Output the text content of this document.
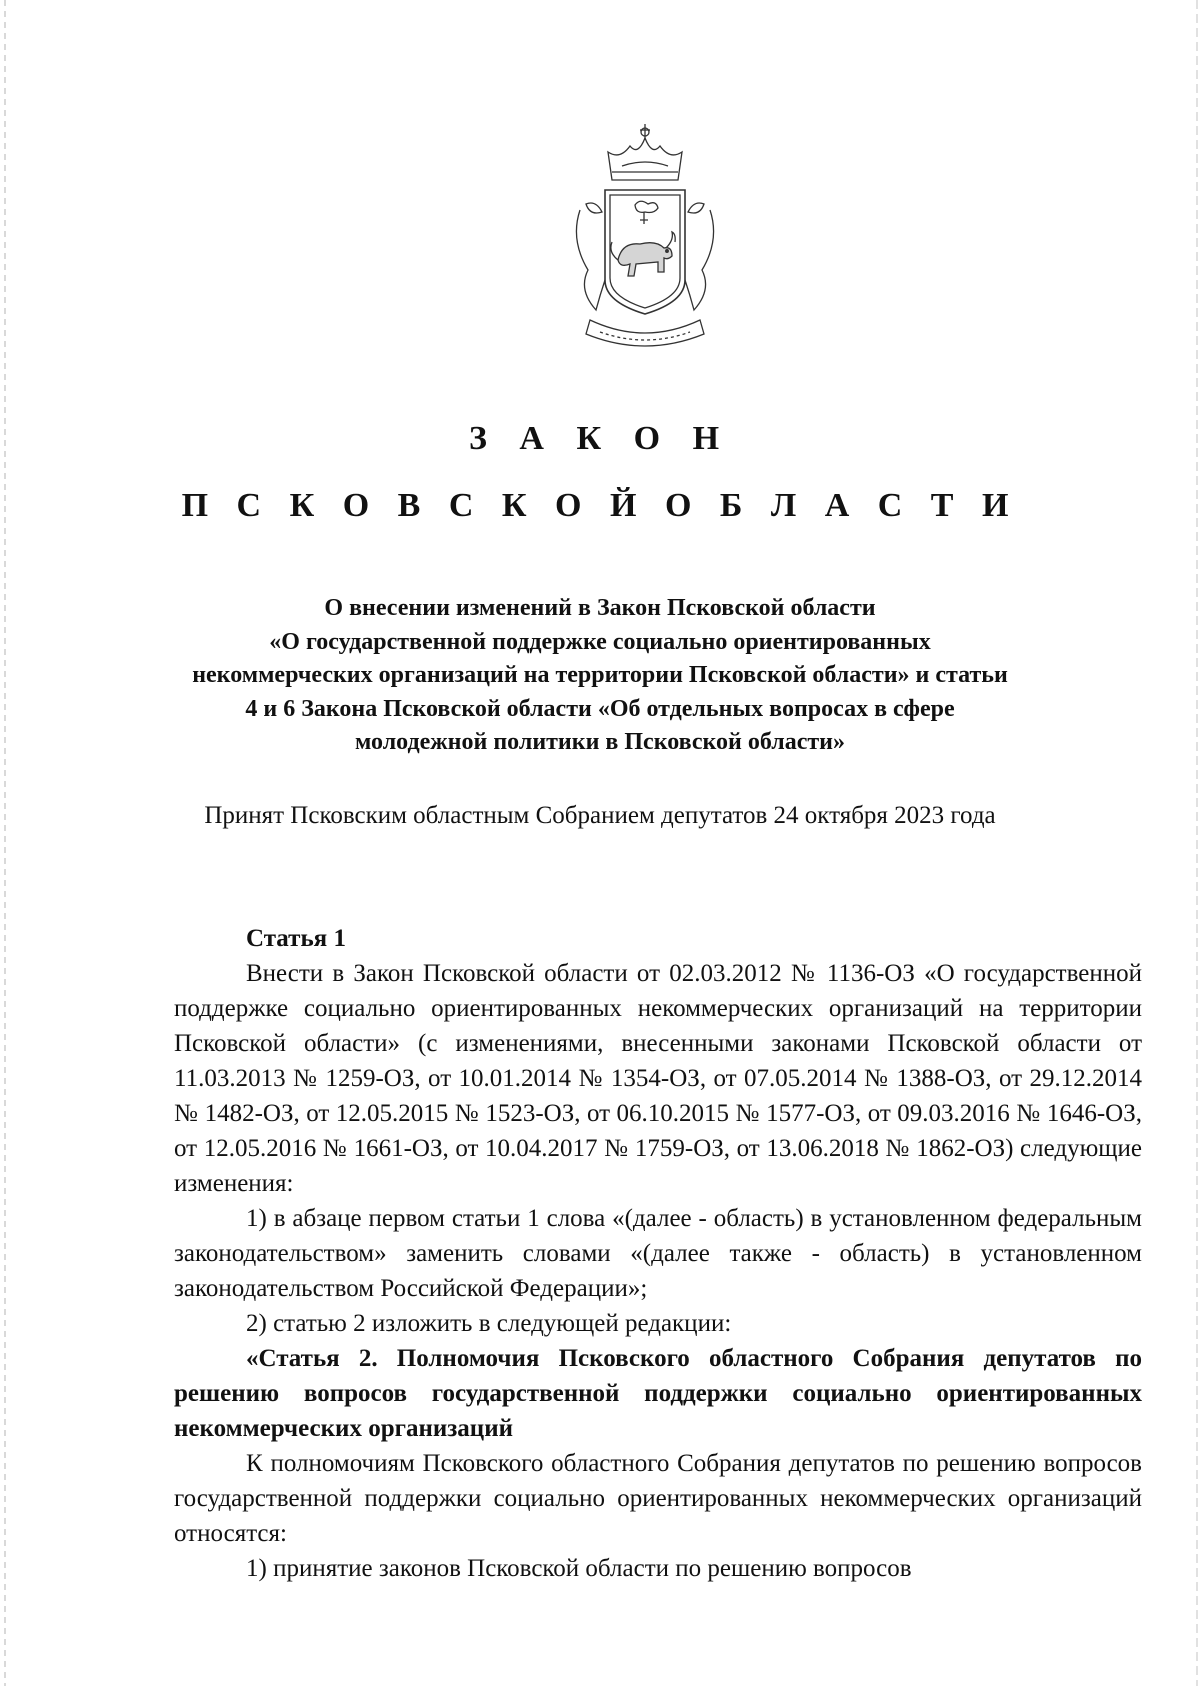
З А К О Н
П С К О В С К О Й О Б Л А С Т И
О внесении изменений в Закон Псковской области
«О государственной поддержке социально ориентированных
некоммерческих организаций на территории Псковской области» и статьи
4 и 6 Закона Псковской области «Об отдельных вопросах в сфере
молодежной политики в Псковской области»
Принят Псковским областным Собранием депутатов 24 октября 2023 года

Статья 1

Внести в Закон Псковской области от 02.03.2012 № 1136-ОЗ «О государственной поддержке социально ориентированных некоммерческих организаций на территории Псковской области» (с изменениями, внесенными законами Псковской области от 11.03.2013 № 1259-ОЗ, от 10.01.2014 № 1354-ОЗ, от 07.05.2014 № 1388-ОЗ, от 29.12.2014 № 1482-ОЗ, от 12.05.2015 № 1523-ОЗ, от 06.10.2015 № 1577-ОЗ, от 09.03.2016 № 1646-ОЗ, от 12.05.2016 № 1661-ОЗ, от 10.04.2017 № 1759-ОЗ, от 13.06.2018 № 1862-ОЗ) следующие изменения:

1) в абзаце первом статьи 1 слова «(далее - область) в установленном федеральным законодательством» заменить словами «(далее также - область) в установленном законодательством Российской Федерации»;

2) статью 2 изложить в следующей редакции:

«Статья 2. Полномочия Псковского областного Собрания депутатов по решению вопросов государственной поддержки социально ориентированных некоммерческих организаций

К полномочиям Псковского областного Собрания депутатов по решению вопросов государственной поддержки социально ориентированных некоммерческих организаций относятся:

1) принятие законов Псковской области по решению вопросов
